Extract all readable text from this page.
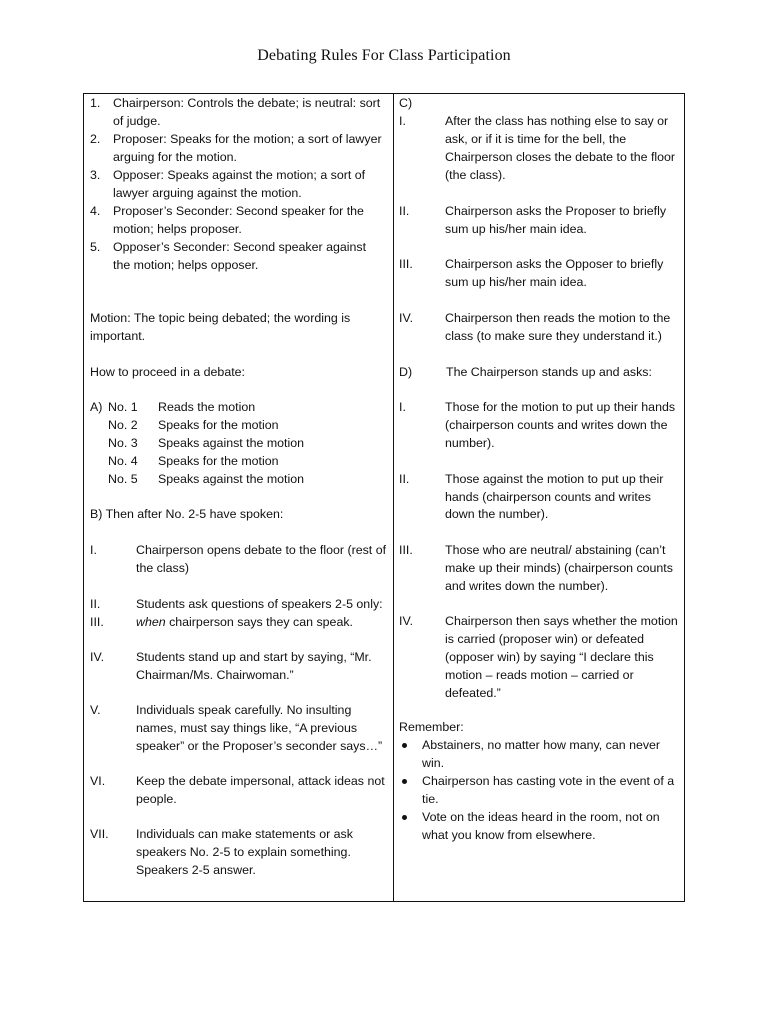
Debating Rules For Class Participation
1. Chairperson: Controls the debate; is neutral: sort
of judge.
2. Proposer: Speaks for the motion; a sort of lawyer
arguing for the motion.
3. Opposer: Speaks against the motion; a sort of
lawyer arguing against the motion.
4. Proposer’s Seconder: Second speaker for the
motion; helps proposer.
5. Opposer’s Seconder: Second speaker against
the motion; helps opposer.
Motion: The topic being debated; the wording is
important.
How to proceed in a debate:
A) No. 1 Reads the motion
No. 2 Speaks for the motion
No. 3 Speaks against the motion
No. 4 Speaks for the motion
No. 5 Speaks against the motion
B) Then after No. 2-5 have spoken:
I.	Chairperson opens debate to the floor (rest of
the class)
II.	Students ask questions of speakers 2-5 only:
III.	when chairperson says they can speak.
IV.	Students stand up and start by saying, “Mr.
Chairman/Ms. Chairwoman.”
V.	Individuals speak carefully. No insulting
names, must say things like, “A previous
speaker” or the Proposer’s seconder says…”
VI. Keep the debate impersonal, attack ideas not
people.
VII. Individuals can make statements or ask
speakers No. 2-5 to explain something.
Speakers 2-5 answer.
C)
I.	After the class has nothing else to say or
ask, or if it is time for the bell, the
Chairperson closes the debate to the floor
(the class).
II.	Chairperson asks the Proposer to briefly
sum up his/her main idea.
III.	Chairperson asks the Opposer to briefly
sum up his/her main idea.
IV.	Chairperson then reads the motion to the
class (to make sure they understand it.)
D)	The Chairperson stands up and asks:
I.	Those for the motion to put up their hands
(chairperson counts and writes down the
number).
II.	Those against the motion to put up their
hands (chairperson counts and writes
down the number).
III.	Those who are neutral/ abstaining (can’t
make up their minds) (chairperson counts
and writes down the number).
IV.	Chairperson then says whether the motion
is carried (proposer win) or defeated
(opposer win) by saying “I declare this
motion – reads motion – carried or
defeated.”
Remember:
Abstainers, no matter how many, can never
win.
Chairperson has casting vote in the event of a
tie.
Vote on the ideas heard in the room, not on
what you know from elsewhere.
